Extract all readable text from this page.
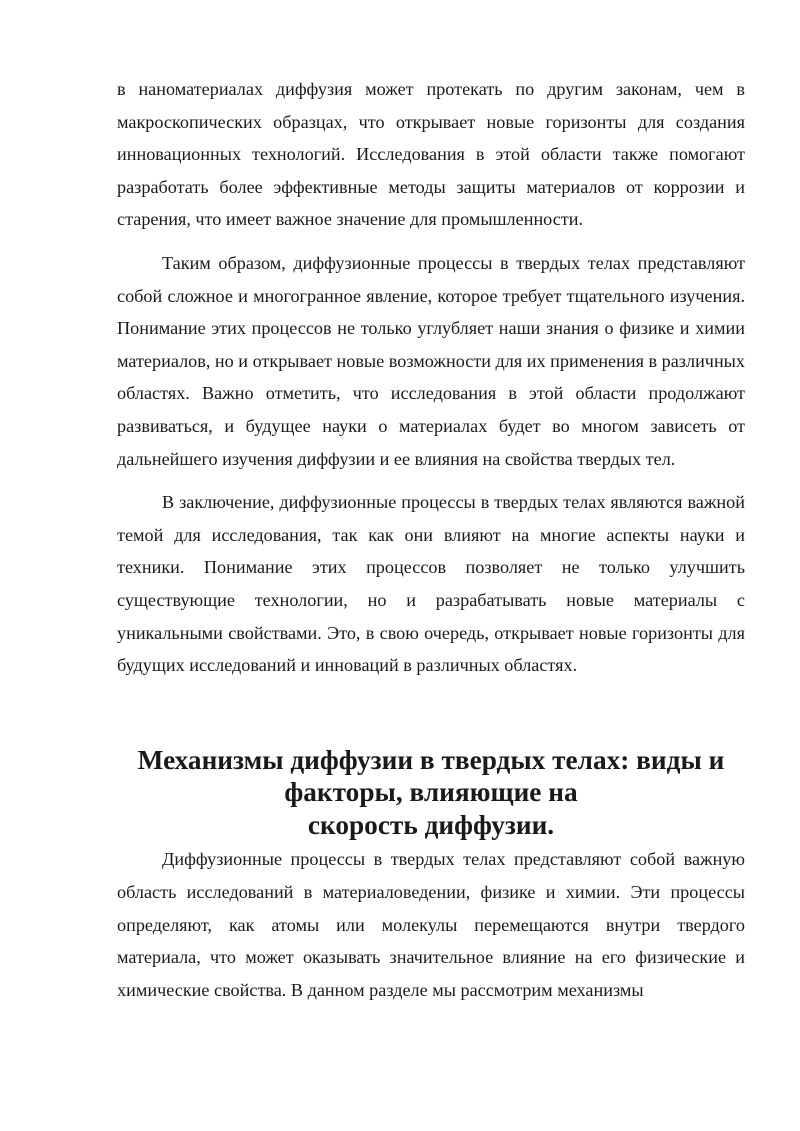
в наноматериалах диффузия может протекать по другим законам, чем в макроскопических образцах, что открывает новые горизонты для создания инновационных технологий. Исследования в этой области также помогают разработать более эффективные методы защиты материалов от коррозии и старения, что имеет важное значение для промышленности.

Таким образом, диффузионные процессы в твердых телах представляют собой сложное и многогранное явление, которое требует тщательного изучения. Понимание этих процессов не только углубляет наши знания о физике и химии материалов, но и открывает новые возможности для их применения в различных областях. Важно отметить, что исследования в этой области продолжают развиваться, и будущее науки о материалах будет во многом зависеть от дальнейшего изучения диффузии и ее влияния на свойства твердых тел.

В заключение, диффузионные процессы в твердых телах являются важной темой для исследования, так как они влияют на многие аспекты науки и техники. Понимание этих процессов позволяет не только улучшить существующие технологии, но и разрабатывать новые материалы с уникальными свойствами. Это, в свою очередь, открывает новые горизонты для будущих исследований и инноваций в различных областях.

Механизмы диффузии в твердых телах: виды и факторы, влияющие на
скорость диффузии.

Диффузионные процессы в твердых телах представляют собой важную область исследований в материаловедении, физике и химии. Эти процессы определяют, как атомы или молекулы перемещаются внутри твердого материала, что может оказывать значительное влияние на его физические и химические свойства. В данном разделе мы рассмотрим механизмы
